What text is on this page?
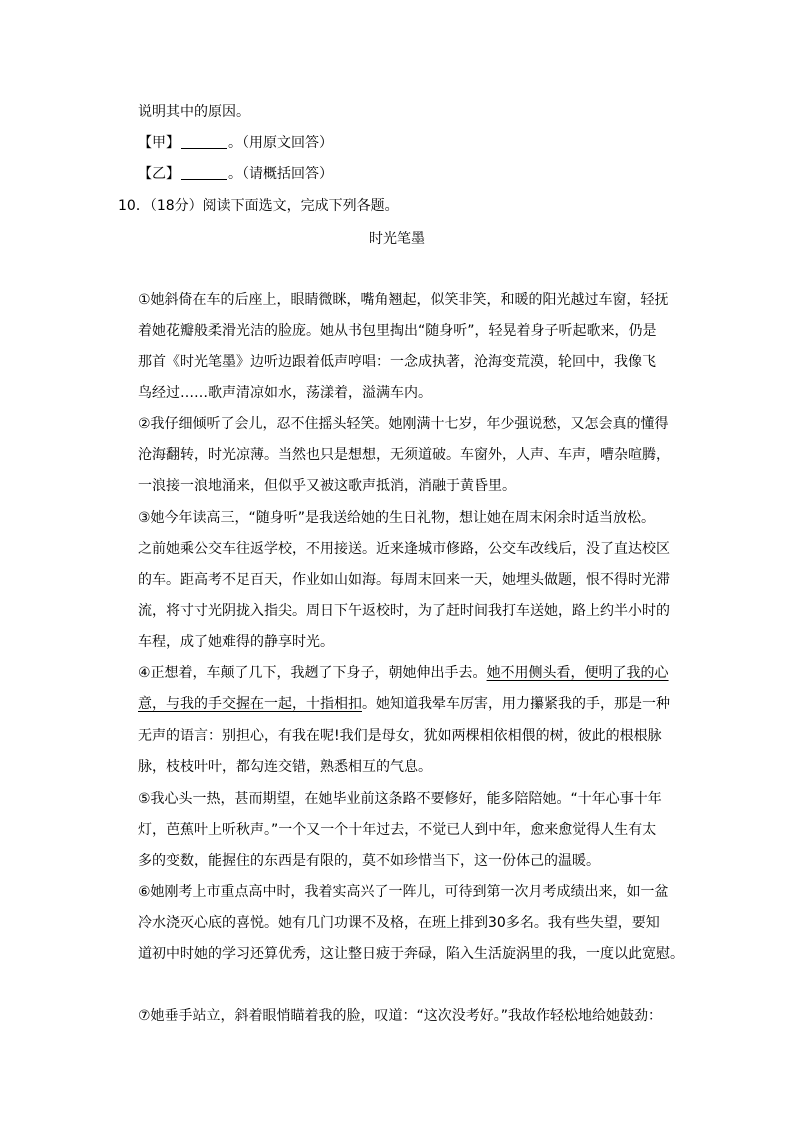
说明其中的原因。
【甲】	。（用原文回答）
【乙】	。（请概括回答）
10．（18分）阅读下面选文，完成下列各题。
时光笔墨
①她斜倚在车的后座上，眼睛微眯，嘴角翘起，似笑非笑，和暖的阳光越过车窗，轻抚
着她花瓣般柔滑光洁的脸庞。她从书包里掏出“随身听”，轻晃着身子听起歌来，仍是
那首《时光笔墨》边听边跟着低声哼唱：一念成执著，沧海变荒漠，轮回中，我像飞
鸟经过……歌声清凉如水，荡漾着，溢满车内。
②我仔细倾听了会儿，忍不住摇头轻笑。她刚满十七岁，年少强说愁，又怎会真的懂得
沧海翻转，时光凉薄。当然也只是想想，无须道破。车窗外，人声、车声，嘈杂喧腾，
一浪接一浪地涌来，但似乎又被这歌声抵消，消融于黄昏里。
③她今年读高三，“随身听”是我送给她的生日礼物，想让她在周末闲余时适当放松。
之前她乘公交车往返学校，不用接送。近来逢城市修路，公交车改线后，没了直达校区
的车。距高考不足百天，作业如山如海。每周末回来一天，她埋头做题，恨不得时光滞
流，将寸寸光阴拢入指尖。周日下午返校时，为了赶时间我打车送她，路上约半小时的
车程，成了她难得的静享时光。
④正想着，车颠了几下，我趔了下身子，朝她伸出手去。她不用侧头看，便明了我的心
意，与我的手交握在一起，十指相扣。她知道我晕车厉害，用力攥紧我的手，那是一种
无声的语言：别担心，有我在呢!我们是母女，犹如两棵相依相偎的树，彼此的根根脉
脉，枝枝叶叶，都勾连交错，熟悉相互的气息。
⑤我心头一热，甚而期望，在她毕业前这条路不要修好，能多陪陪她。“十年心事十年
灯，芭蕉叶上听秋声。”一个又一个十年过去，不觉已人到中年，愈来愈觉得人生有太
多的变数，能握住的东西是有限的，莫不如珍惜当下，这一份体己的温暖。
⑥她刚考上市重点高中时，我着实高兴了一阵儿，可待到第一次月考成绩出来，如一盆
冷水浇灭心底的喜悦。她有几门功课不及格，在班上排到30多名。我有些失望，要知
道初中时她的学习还算优秀，这让整日疲于奔碌，陷入生活旋涡里的我，一度以此宽慰。
⑦她垂手站立，斜着眼悄瞄着我的脸，叹道：“这次没考好。”我故作轻松地给她鼓劲：
